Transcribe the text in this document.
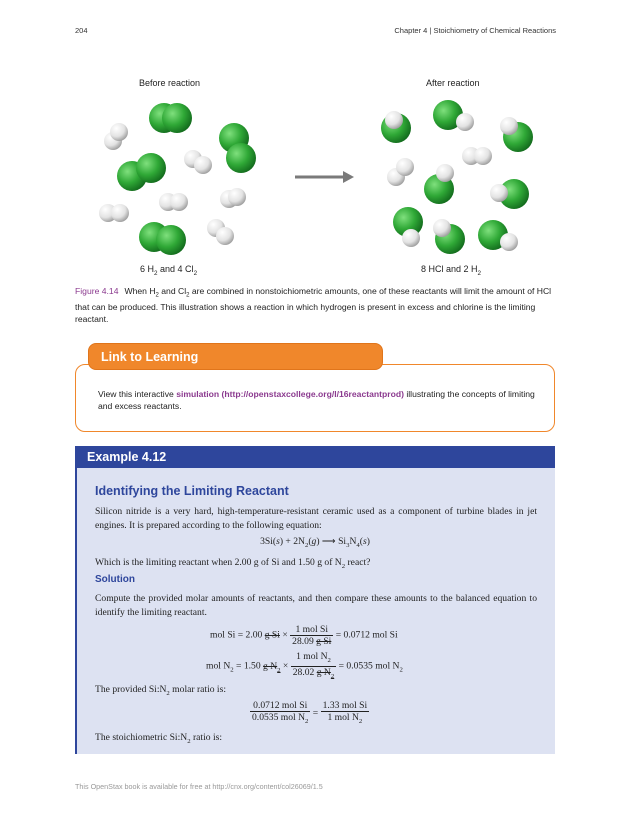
204	Chapter 4 | Stoichiometry of Chemical Reactions
Before reaction	After reaction
6 $H_2$ and 4 $Cl_2$	8 HCl and 2 $H_2$
Figure 4.14 When $H_2$ and $Cl_2$ are combined in nonstoichiometric amounts, one of these reactants will limit the amount of HCl that can be produced. This illustration shows a reaction in which hydrogen is present in excess and chlorine is the limiting reactant.
Link to Learning
View this interactive simulation (http://openstaxcollege.org/l/16reactantprod) illustrating the concepts of limiting and excess reactants.
Example 4.12
Identifying the Limiting Reactant
Silicon nitride is a very hard, high-temperature-resistant ceramic used as a component of turbine blades in jet engines. It is prepared according to the following equation:
$3Si(s) + 2N_2(g)$ ⟶ $Si_3N_4(s)$
Which is the limiting reactant when 2.00 g of Si and 1.50 g of $N_2$ react?
Solution
Compute the provided molar amounts of reactants, and then compare these amounts to the balanced equation to identify the limiting reactant.
mol Si = 2.00 g $Si \times \frac{\text{1 mol Si}}{\text{28.09 g Si}} = 0.0712$ mol Si
mol $N_2 = 1.50$ g $N_2 \times \frac{1 mol N_2}{28.02 g N_2} = 0.0535$ mol $N_2$
The provided $Si:N_2$ molar ratio is:
$\frac{\text{0.0712 mol Si}}{0.0535 mol N_2} = \frac{\text{1.33 mol Si}}{1 mol N_2}$
The stoichiometric $Si:N_2$ ratio is:
This OpenStax book is available for free at http://cnx.org/content/col26069/1.5
